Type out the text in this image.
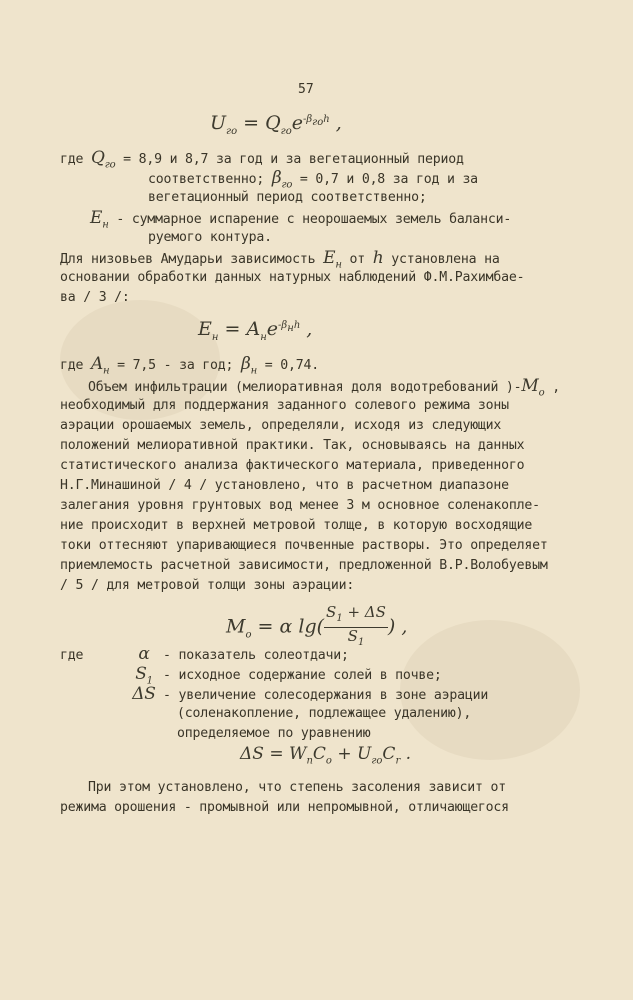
57
$U_{го} = Q_{го}e^{-\beta_{го}h}$ ,
где $Q_{го} = 8,9$ и 8,7 за год и за вегетационный период
соответственно; $\beta_{го} = 0,7$ и 0,8 за год и за
вегетационный период соответственно;
$E_н$ - суммарное испарение с неорошаемых земель баланси-
руемого контура.
Для низовьев Амударьи зависимость $E_н$ от h установлена на
основании обработки данных натурных наблюдений Ф.М.Рахимбае-
ва / 3 /:
$E_н = A_нe^{-\beta_нh}$ ,
где $A_н = 7,5$ - за год; $\beta_н = 0,74$.
Объем инфильтрации (мелиоративная доля водотребований )$-M_o$ ,
необходимый для поддержания заданного солевого режима зоны
аэрации орошаемых земель, определяли, исходя из следующих
положений мелиоративной практики. Так, основываясь на данных
статистического анализа фактического материала, приведенного
Н.Г.Минашиной / 4 / установлено, что в расчетном диапазоне
залегания уровня грунтовых вод менее 3 м основное соленакопле-
ние происходит в верхней метровой толще, в которую восходящие
токи оттесняют упаривающиеся почвенные растворы. Это определяет
приемлемость расчетной зависимости, предложенной В.Р.Волобуевым
/ 5 / для метровой толщи зоны аэрации:
$M_o = \alpha$ $\lg( \frac{S_1 + \Delta S}{S_1}$ ) ,
где	α - показатель солеотдачи;
$S_1$ - исходное содержание солей в почве;
ΔS - увеличение солесодержания в зоне аэрации
(соленакопление, подлежащее удалению),
определяемое по уравнению
$\Delta S = W_nC_o + U_{го}C_r$ .
При этом установлено, что степень засоления зависит от
режима орошения - промывной или непромывной, отличающегося
